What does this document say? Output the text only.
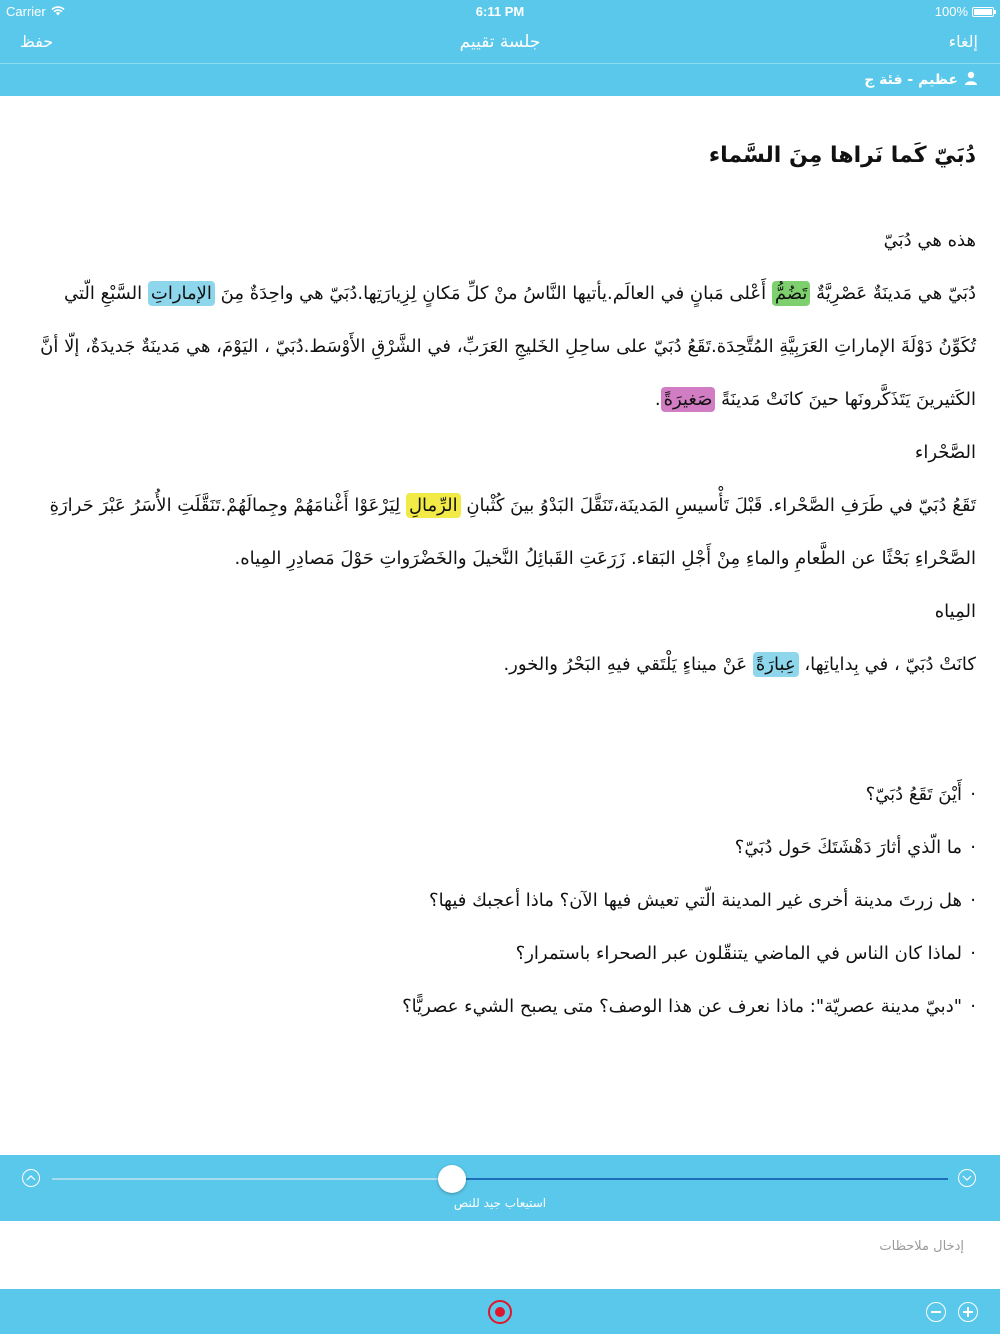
Carrier	6:11 PM	100%
حفظ	جلسة تقييم	إلغاء
عظيم - فئة ج
دُبَيّ كَما نَراها مِنَ السَّماء

هذه هي دُبَيّ

دُبَيّ هي مَدينَةٌ عَصْرِيَّةٌ تَضُمُّ أَعْلى مَبانٍ في العالَم.يأتيها النَّاسُ منْ كلِّ مَكانٍ لِزِيارَتِها.دُبَيّ هي واحِدَةٌ مِنَ الإماراتِ السَّبْعِ الّتي تُكَوِّنُ دَوْلَةَ الإماراتِ العَرَبِيَّةِ المُتَّحِدَة.تَقَعُ دُبَيّ على ساحِلِ الخَليجِ العَرَبِّ، في الشَّرْقِ الأَوْسَط.دُبَيّ ، اليَوْمَ، هي مَدينَةٌ جَديدَةٌ، إلّا أنَّ الكَثيرينَ يَتَذَكَّرونَها حينَ كانَتْ مَدينَةً صَغيرَةً.

الصَّحْراء

تَقَعُ دُبَيّ في طَرَفِ الصَّحْراء. قَبْلَ تَأْسيسِ المَدينَة،تَنَقَّلَ البَدْوُ بينَ كُثْبانِ الرِّمالِ لِيَرْعَوْا أَغْنامَهُمْ وجِمالَهُمْ.تَنَقَّلَتِ الأُسَرُ عَبْرَ حَرارَةِ الصَّحْراءِ بَحْثًا عن الطَّعامِ والماءِ مِنْ أَجْلِ البَقاء. زَرَعَتِ القَبائِلُ النَّخيلَ والخَضْرَواتِ حَوْلَ مَصادِرِ المِياه.

المِياه

كانَتْ دُبَيّ ، في بِداياتِها، عِبارَةً عَنْ ميناءٍ يَلْتَقي فيهِ البَحْرُ والخور.

· أَيْنَ تَقَعُ دُبَيّ؟
· ما الّذي أثارَ دَهْشَتَكَ حَول دُبَيّ؟
· هل زرتَ مدينة أخرى غير المدينة الّتي تعيش فيها الآن؟ ماذا أعجبك فيها؟
· لماذا كان الناس في الماضي يتنقّلون عبر الصحراء باستمرار؟
· "دبيّ مدينة عصريّة": ماذا نعرف عن هذا الوصف؟ متى يصبح الشيء عصريًّا؟
استيعاب جيد للنص
إدخال ملاحظات
